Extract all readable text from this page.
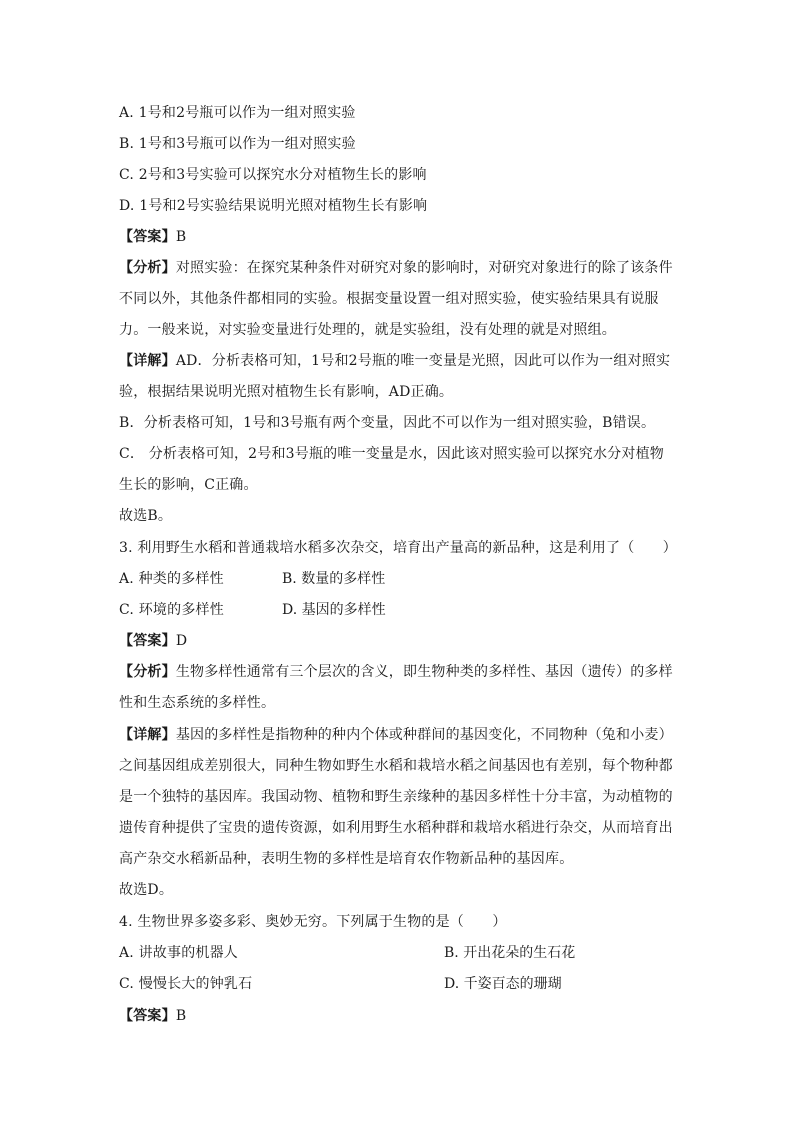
A. 1号和2号瓶可以作为一组对照实验
B. 1号和3号瓶可以作为一组对照实验
C. 2号和3号实验可以探究水分对植物生长的影响
D. 1号和2号实验结果说明光照对植物生长有影响
【答案】B
【分析】对照实验：在探究某种条件对研究对象的影响时，对研究对象进行的除了该条件
不同以外，其他条件都相同的实验。根据变量设置一组对照实验，使实验结果具有说服
力。一般来说，对实验变量进行处理的，就是实验组，没有处理的就是对照组。
【详解】AD．分析表格可知，1号和2号瓶的唯一变量是光照，因此可以作为一组对照实
验，根据结果说明光照对植物生长有影响，AD正确。
B．分析表格可知，1号和3号瓶有两个变量，因此不可以作为一组对照实验，B错误。
C． 分析表格可知，2号和3号瓶的唯一变量是水，因此该对照实验可以探究水分对植物
生长的影响，C正确。
故选B。
3. 利用野生水稻和普通栽培水稻多次杂交，培育出产量高的新品种，这是利用了（　　）
A. 种类的多样性	B. 数量的多样性
C. 环境的多样性	D. 基因的多样性
【答案】D
【分析】生物多样性通常有三个层次的含义，即生物种类的多样性、基因（遗传）的多样
性和生态系统的多样性。
【详解】基因的多样性是指物种的种内个体或种群间的基因变化，不同物种（兔和小麦）
之间基因组成差别很大，同种生物如野生水稻和栽培水稻之间基因也有差别，每个物种都
是一个独特的基因库。我国动物、植物和野生亲缘种的基因多样性十分丰富，为动植物的
遗传育种提供了宝贵的遗传资源，如利用野生水稻种群和栽培水稻进行杂交，从而培育出
高产杂交水稻新品种，表明生物的多样性是培育农作物新品种的基因库。
故选D。
4. 生物世界多姿多彩、奥妙无穷。下列属于生物的是（　　）
A. 讲故事的机器人	B. 开出花朵的生石花
C. 慢慢长大的钟乳石	D. 千姿百态的珊瑚
【答案】B
